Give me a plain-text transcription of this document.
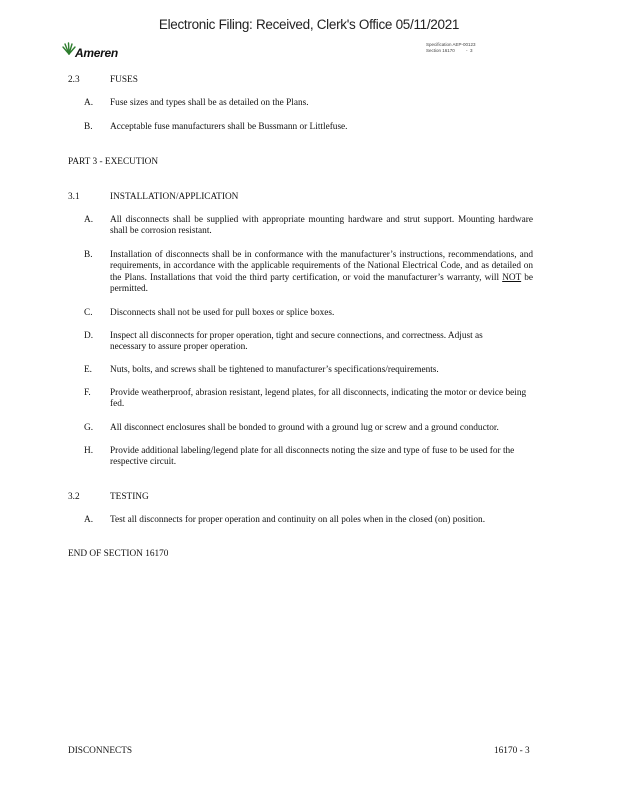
Electronic Filing: Received, Clerk's Office 05/11/2021
Ameren
Specification AEP-00123
Section 16170         -  3
2.3	FUSES
A. Fuse sizes and types shall be as detailed on the Plans.
B. Acceptable fuse manufacturers shall be Bussmann or Littlefuse.
PART 3 - EXECUTION
3.1	INSTALLATION/APPLICATION
A. All disconnects shall be supplied with appropriate mounting hardware and strut support. Mounting hardware shall be corrosion resistant.
B. Installation of disconnects shall be in conformance with the manufacturer’s instructions, recommendations, and requirements, in accordance with the applicable requirements of the National Electrical Code, and as detailed on the Plans. Installations that void the third party certification, or void the manufacturer’s warranty, will NOT be permitted.
C. Disconnects shall not be used for pull boxes or splice boxes.
D. Inspect all disconnects for proper operation, tight and secure connections, and correctness. Adjust as necessary to assure proper operation.
E. Nuts, bolts, and screws shall be tightened to manufacturer’s specifications/requirements.
F. Provide weatherproof, abrasion resistant, legend plates, for all disconnects, indicating the motor or device being fed.
G. All disconnect enclosures shall be bonded to ground with a ground lug or screw and a ground conductor.
H. Provide additional labeling/legend plate for all disconnects noting the size and type of fuse to be used for the respective circuit.
3.2	TESTING
A. Test all disconnects for proper operation and continuity on all poles when in the closed (on) position.
END OF SECTION 16170
DISCONNECTS	16170 - 3
